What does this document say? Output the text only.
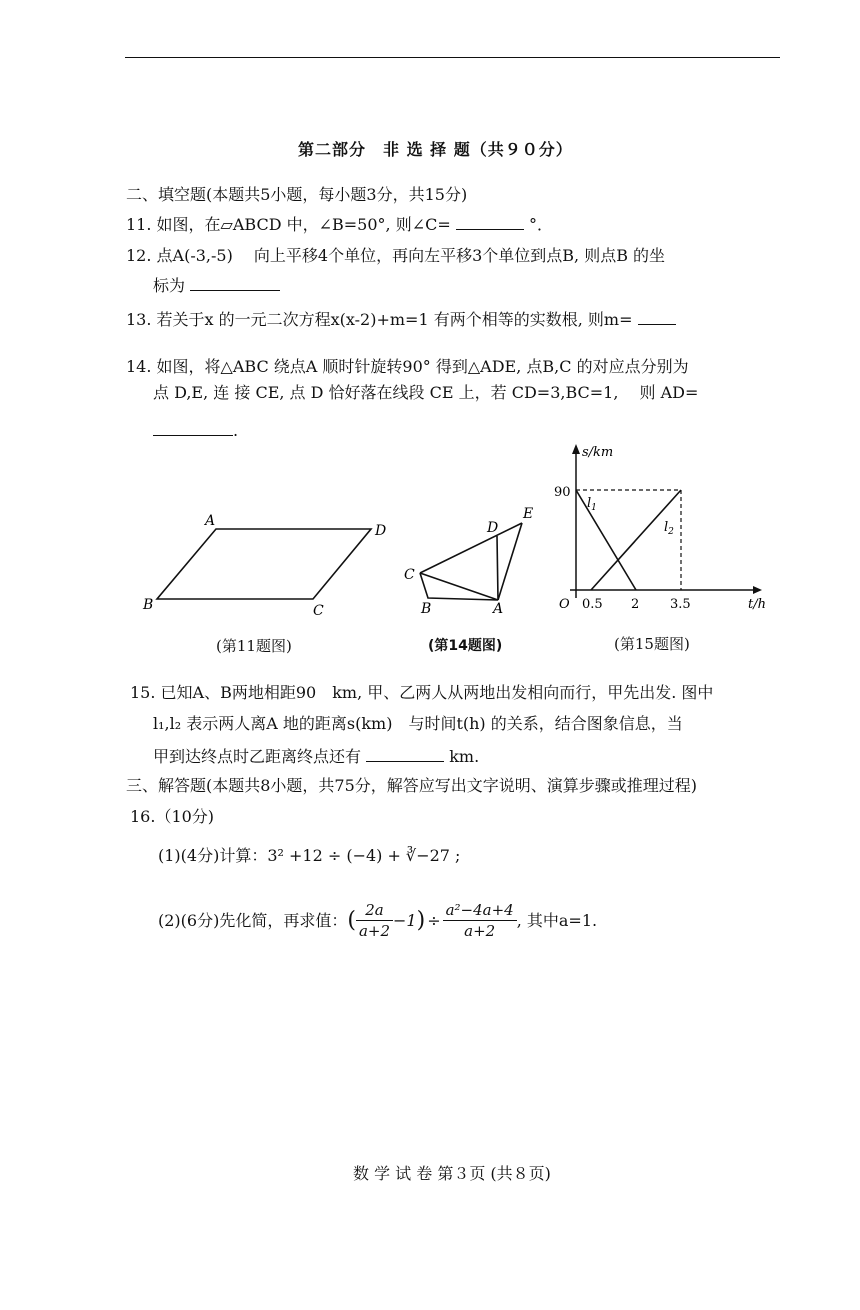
第二部分　非 选 择 题（共９０分）
二、填空题(本题共5小题，每小题3分，共15分)
11. 如图，在▱ABCD 中，∠B=50°, 则∠C=	°．
12. 点A(-3,-5)　 向上平移4个单位，再向左平移3个单位到点B, 则点B 的坐
标为
13. 若关于x 的一元二次方程x(x-2)+m=1 有两个相等的实数根, 则m=
14. 如图，将△ABC 绕点A 顺时针旋转90° 得到△ADE, 点B,C 的对应点分别为
点 D,E, 连 接 CE, 点 D 恰好落在线段 CE 上，若 CD=3,BC=1,　 则 AD=
.
A
D
B	C
(第11题图)
D
E
C
B	A
(第14题图)
s/km
t/h
O
90
0.5 2 3.5
$l_1$
$l_2$
(第15题图)
15. 已知A、B两地相距90　km, 甲、乙两人从两地出发相向而行，甲先出发. 图中
l₁,l₂ 表示两人离A 地的距离s(km)　与时间t(h) 的关系，结合图象信息，当
甲到达终点时乙距离终点还有	km.
三、解答题(本题共8小题，共75分，解答应写出文字说明、演算步骤或推理过程)
16.（10分)
(1)(4分)计算：3² +12 ÷ (−4) + ∛−27 ;
(2)(6分)先化简，再求值： ( $\frac{2a}{a+2} -1$ ) ÷ $\frac{\text{a²−4a+4}}{a+2}$ , 其中a=1.
数 学 试 卷 第３页 (共８页)
